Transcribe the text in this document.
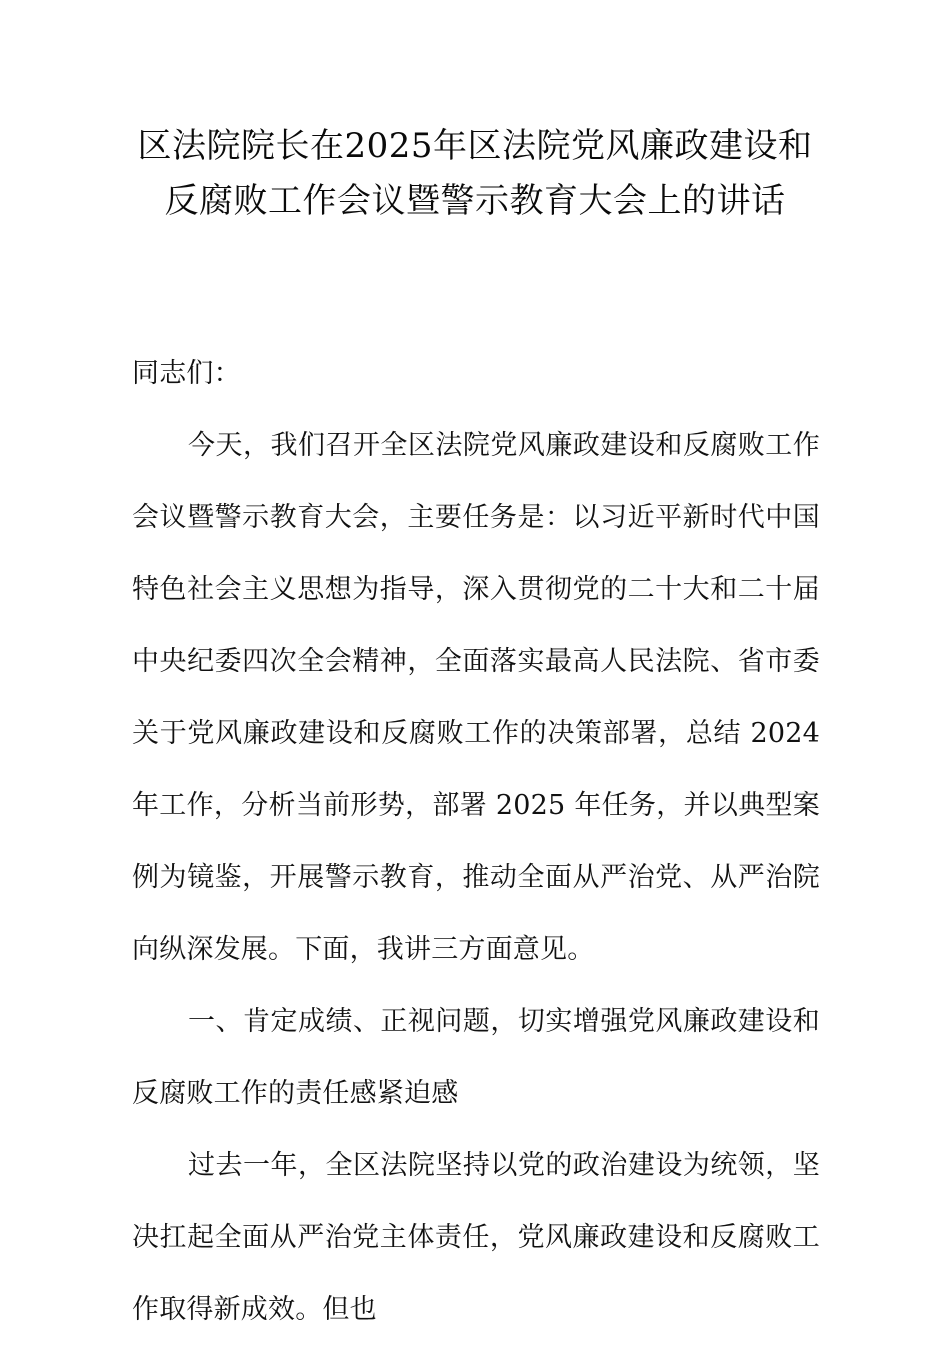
区法院院长在2025年区法院党风廉政建设和反腐败工作会议暨警示教育大会上的讲话

同志们：

今天，我们召开全区法院党风廉政建设和反腐败工作会议暨警示教育大会，主要任务是：以习近平新时代中国特色社会主义思想为指导，深入贯彻党的二十大和二十届中央纪委四次全会精神，全面落实最高人民法院、省市委关于党风廉政建设和反腐败工作的决策部署，总结 2024 年工作，分析当前形势，部署 2025 年任务，并以典型案例为镜鉴，开展警示教育，推动全面从严治党、从严治院向纵深发展。下面，我讲三方面意见。

一、肯定成绩、正视问题，切实增强党风廉政建设和反腐败工作的责任感紧迫感

过去一年，全区法院坚持以党的政治建设为统领，坚决扛起全面从严治党主体责任，党风廉政建设和反腐败工作取得新成效。但也
